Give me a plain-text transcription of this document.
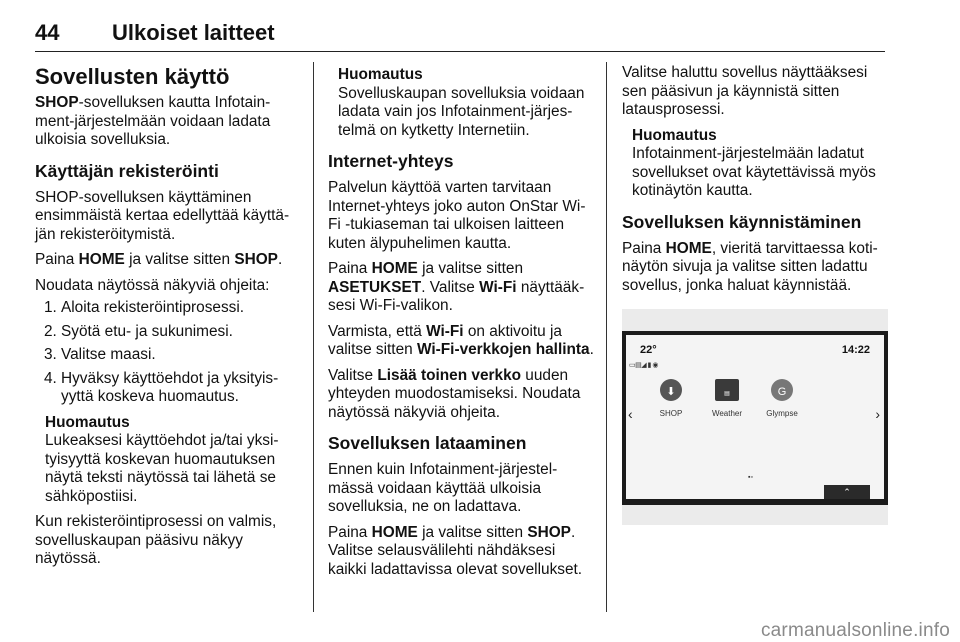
44 Ulkoiset laitteet
Sovellusten käyttö

SHOP-sovelluksen kautta Infotainment-järjestelmään voidaan ladata ulkoisia sovelluksia.

Käyttäjän rekisteröinti

SHOP-sovelluksen käyttäminen ensimmäistä kertaa edellyttää käyttäjän rekisteröitymistä.

Paina HOME ja valitse sitten SHOP.

Noudata näytössä näkyviä ohjeita:

1. Aloita rekisteröintiprosessi.
2. Syötä etu- ja sukunimesi.
3. Valitse maasi.
4. Hyväksy käyttöehdot ja yksityisyyttä koskeva huomautus.
Huomautus
Lukeaksesi käyttöehdot ja/tai yksityisyyttä koskevan huomautuksen näytä teksti näytössä tai lähetä se sähköpostiisi.

Kun rekisteröintiprosessi on valmis, sovelluskaupan pääsivu näkyy näytössä.

Huomautus
Sovelluskaupan sovelluksia voidaan ladata vain jos Infotainment-järjestelmä on kytketty Internetiin.
Internet-yhteys

Palvelun käyttöä varten tarvitaan Internet-yhteys joko auton OnStar Wi-Fi -tukiaseman tai ulkoisen laitteen kuten älypuhelimen kautta.

Paina HOME ja valitse sitten ASETUKSET. Valitse Wi-Fi näyttääksesi Wi-Fi-valikon.

Varmista, että Wi-Fi on aktivoitu ja valitse sitten Wi-Fi-verkkojen hallinta.

Valitse Lisää toinen verkko uuden yhteyden muodostamiseksi. Noudata näytössä näkyviä ohjeita.

Sovelluksen lataaminen

Ennen kuin Infotainment-järjestelmässä voidaan käyttää ulkoisia sovelluksia, ne on ladattava.

Paina HOME ja valitse sitten SHOP. Valitse selausvälilehti nähdäksesi kaikki ladattavissa olevat sovellukset.

Valitse haluttu sovellus näyttääksesi sen pääsivun ja käynnistä sitten latausprosessi.

Huomautus
Infotainment-järjestelmään ladatut sovellukset ovat käytettävissä myös kotinäytön kautta.
Sovelluksen käynnistäminen

Paina HOME, vieritä tarvittaessa kotinäytön sivuja ja valitse sitten ladattu sovellus, jonka haluat käynnistää.

22°	14:22
▭▤◢ ▮ ◉
‹
⬇
SHOP
▤
Weather
G
Glympse	›
▪▫
⌃
carmanualsonline.info
